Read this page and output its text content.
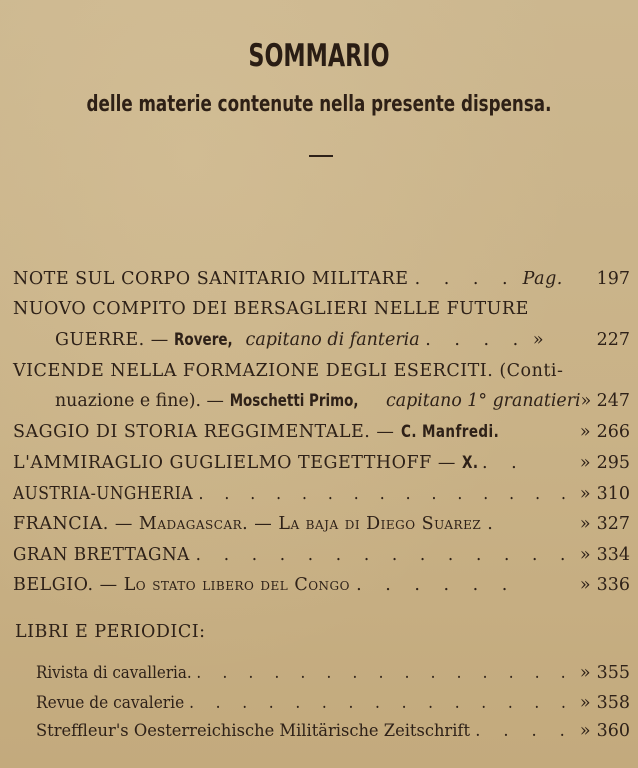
SOMMARIO
delle materie contenute nella presente dispensa.
NOTE SUL CORPO SANITARIO MILITARE . . . . Pag. 197
NUOVO COMPITO DEI BERSAGLIERI NELLE FUTURE
GUERRE. — Rovere, capitano di fanteria . . . . »	227
VICENDE NELLA FORMAZIONE DEGLI ESERCITI. (Conti-
nuazione e fine). — Moschetti Primo, capitano 1° granatieri» 247
SAGGIO DI STORIA REGGIMENTALE. — C. Manfredi.	» 266
L'AMMIRAGLIO GUGLIELMO TEGETTHOFF — X. . .	» 295
AUSTRIA-UNGHERIA . . . . . . . . . . . . . . . » 310
FRANCIA. — Madagascar. — La baja di Diego Suarez .	» 327
GRAN BRETTAGNA . . . . . . . . . . . . . . » 334
BELGIO. — Lo stato libero del Congo . . . . . .	» 336
LIBRI E PERIODICI:
Rivista di cavalleria. . . . . . . . . . . . . . . . » 355
Revue de cavalerie . . . . . . . . . . . . . . . » 358
Streffleur's Oesterreichische Militärische Zeitschrift . . . . » 360
